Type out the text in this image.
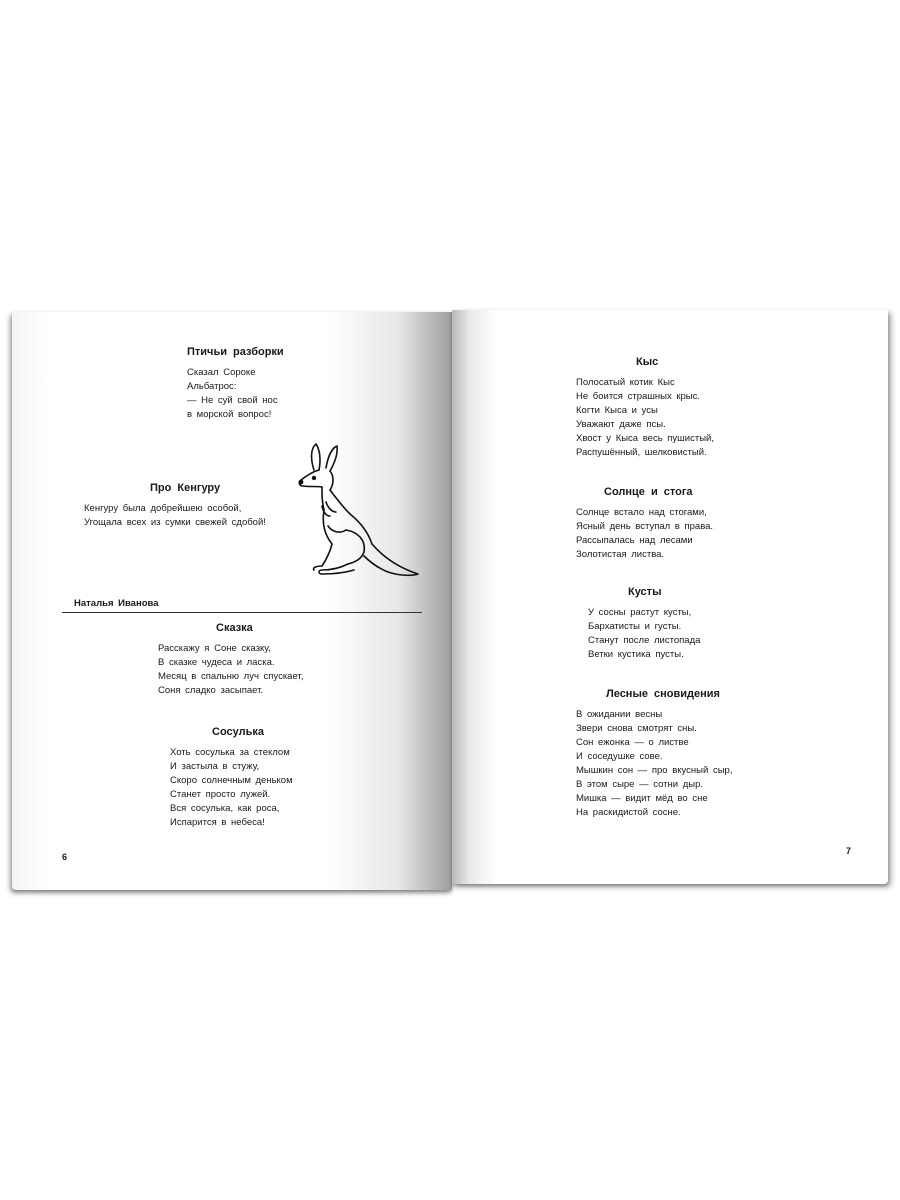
Птичьи разборки
Сказал Сороке
Альбатрос:
— Не суй свой нос
в морской вопрос!
Про Кенгуру
Кенгуру была добрейшею особой,
Угощала всех из сумки свежей сдобой!
Наталья Иванова
Сказка
Расскажу я Соне сказку,
В сказке чудеса и ласка.
Месяц в спальню луч спускает,
Соня сладко засыпает.
Сосулька
Хоть сосулька за стеклом
И застыла в стужу,
Скоро солнечным деньком
Станет просто лужей.
Вся сосулька, как роса,
Испарится в небеса!
6
Кыс
Полосатый котик Кыс
Не боится страшных крыс.
Когти Кыса и усы
Уважают даже псы.
Хвост у Кыса весь пушистый,
Распушённый, шелковистый.
Солнце и стога
Солнце встало над стогами,
Ясный день вступал в права.
Рассыпалась над лесами
Золотистая листва.
Кусты
У сосны растут кусты,
Бархатисты и густы.
Станут после листопада
Ветки кустика пусты.
Лесные сновидения
В ожидании весны
Звери снова смотрят сны.
Сон ежонка — о листве
И соседушке сове.
Мышкин сон — про вкусный сыр,
В этом сыре — сотни дыр.
Мишка — видит мёд во сне
На раскидистой сосне.
7
